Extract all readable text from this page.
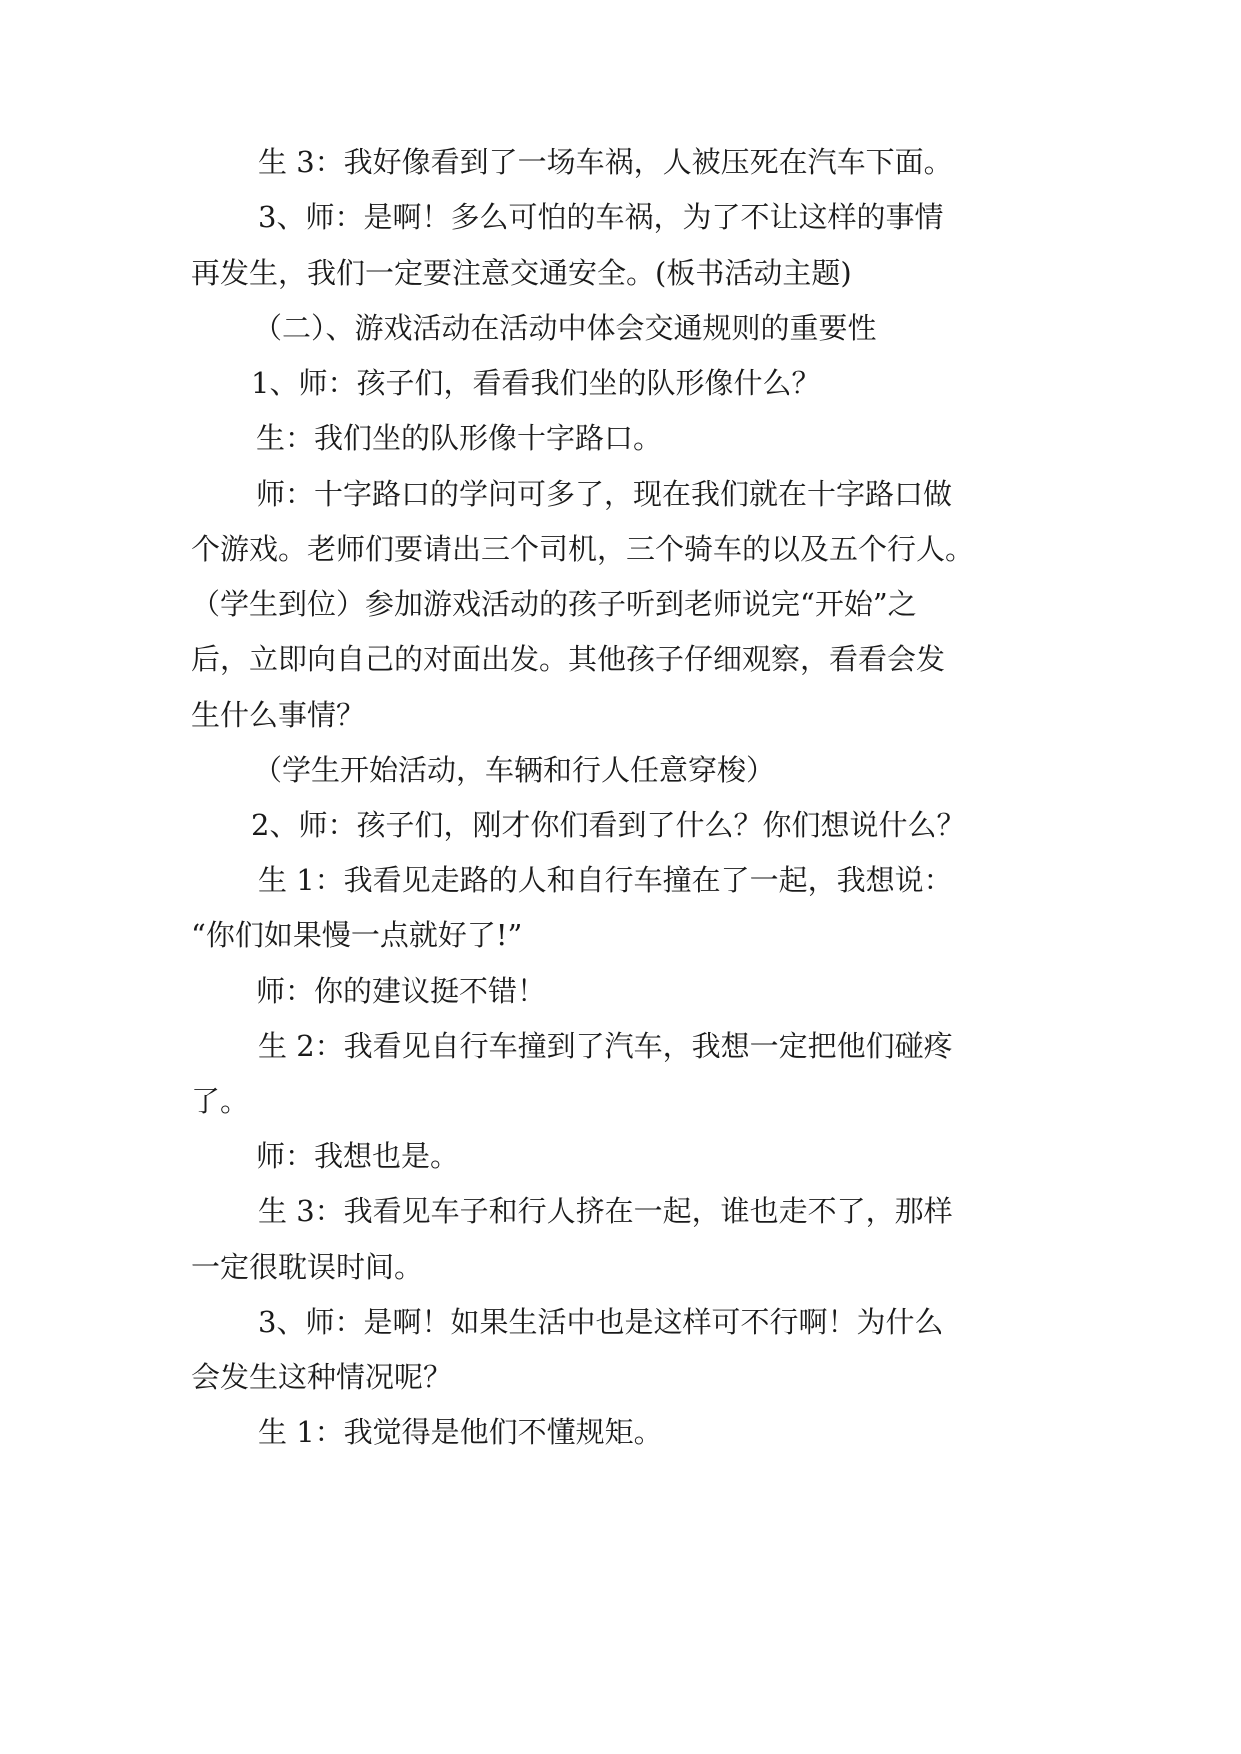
生 3：我好像看到了一场车祸，人被压死在汽车下面。
3、师：是啊！多么可怕的车祸，为了不让这样的事情
再发生，我们一定要注意交通安全。(板书活动主题)
（二）、游戏活动在活动中体会交通规则的重要性
1、师：孩子们，看看我们坐的队形像什么？
生：我们坐的队形像十字路口。
师：十字路口的学问可多了，现在我们就在十字路口做
个游戏。老师们要请出三个司机，三个骑车的以及五个行人。
（学生到位）参加游戏活动的孩子听到老师说完“开始”之
后，立即向自己的对面出发。其他孩子仔细观察，看看会发
生什么事情？
（学生开始活动，车辆和行人任意穿梭）
2、师：孩子们，刚才你们看到了什么？你们想说什么？
生 1：我看见走路的人和自行车撞在了一起，我想说：
“你们如果慢一点就好了!”
师：你的建议挺不错！
生 2：我看见自行车撞到了汽车，我想一定把他们碰疼
了。
师：我想也是。
生 3：我看见车子和行人挤在一起，谁也走不了，那样
一定很耽误时间。
3、师：是啊！如果生活中也是这样可不行啊！为什么
会发生这种情况呢？
生 1：我觉得是他们不懂规矩。
